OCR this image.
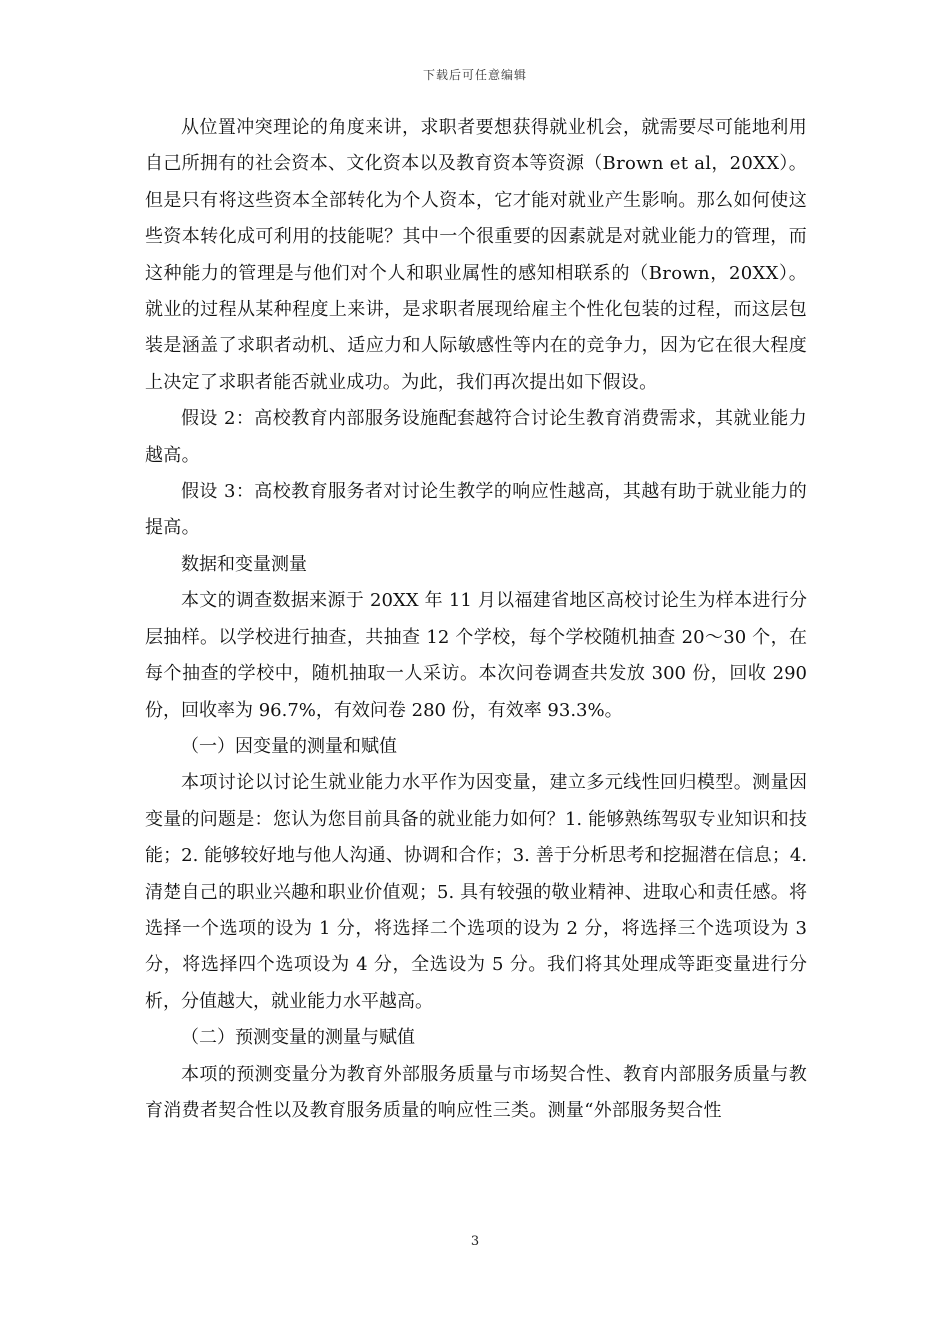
下载后可任意编辑

从位置冲突理论的角度来讲，求职者要想获得就业机会，就需要尽可能地利用自己所拥有的社会资本、文化资本以及教育资本等资源（Brown et al，20XX）。但是只有将这些资本全部转化为个人资本，它才能对就业产生影响。那么如何使这些资本转化成可利用的技能呢？其中一个很重要的因素就是对就业能力的管理，而这种能力的管理是与他们对个人和职业属性的感知相联系的（Brown，20XX）。就业的过程从某种程度上来讲，是求职者展现给雇主个性化包装的过程，而这层包装是涵盖了求职者动机、适应力和人际敏感性等内在的竞争力，因为它在很大程度上决定了求职者能否就业成功。为此，我们再次提出如下假设。

假设 2：高校教育内部服务设施配套越符合讨论生教育消费需求，其就业能力越高。

假设 3：高校教育服务者对讨论生教学的响应性越高，其越有助于就业能力的提高。

数据和变量测量

本文的调查数据来源于 20XX 年 11 月以福建省地区高校讨论生为样本进行分层抽样。以学校进行抽查，共抽查 12 个学校，每个学校随机抽查 20～30 个，在每个抽查的学校中，随机抽取一人采访。本次问卷调查共发放 300 份，回收 290 份，回收率为 96.7%，有效问卷 280 份，有效率 93.3%。

（一）因变量的测量和赋值

本项讨论以讨论生就业能力水平作为因变量，建立多元线性回归模型。测量因变量的问题是：您认为您目前具备的就业能力如何？1. 能够熟练驾驭专业知识和技能；2. 能够较好地与他人沟通、协调和合作；3. 善于分析思考和挖掘潜在信息；4. 清楚自己的职业兴趣和职业价值观；5. 具有较强的敬业精神、进取心和责任感。将选择一个选项的设为 1 分，将选择二个选项的设为 2 分，将选择三个选项设为 3 分，将选择四个选项设为 4 分，全选设为 5 分。我们将其处理成等距变量进行分析，分值越大，就业能力水平越高。

（二）预测变量的测量与赋值

本项的预测变量分为教育外部服务质量与市场契合性、教育内部服务质量与教育消费者契合性以及教育服务质量的响应性三类。测量“外部服务契合性

3
